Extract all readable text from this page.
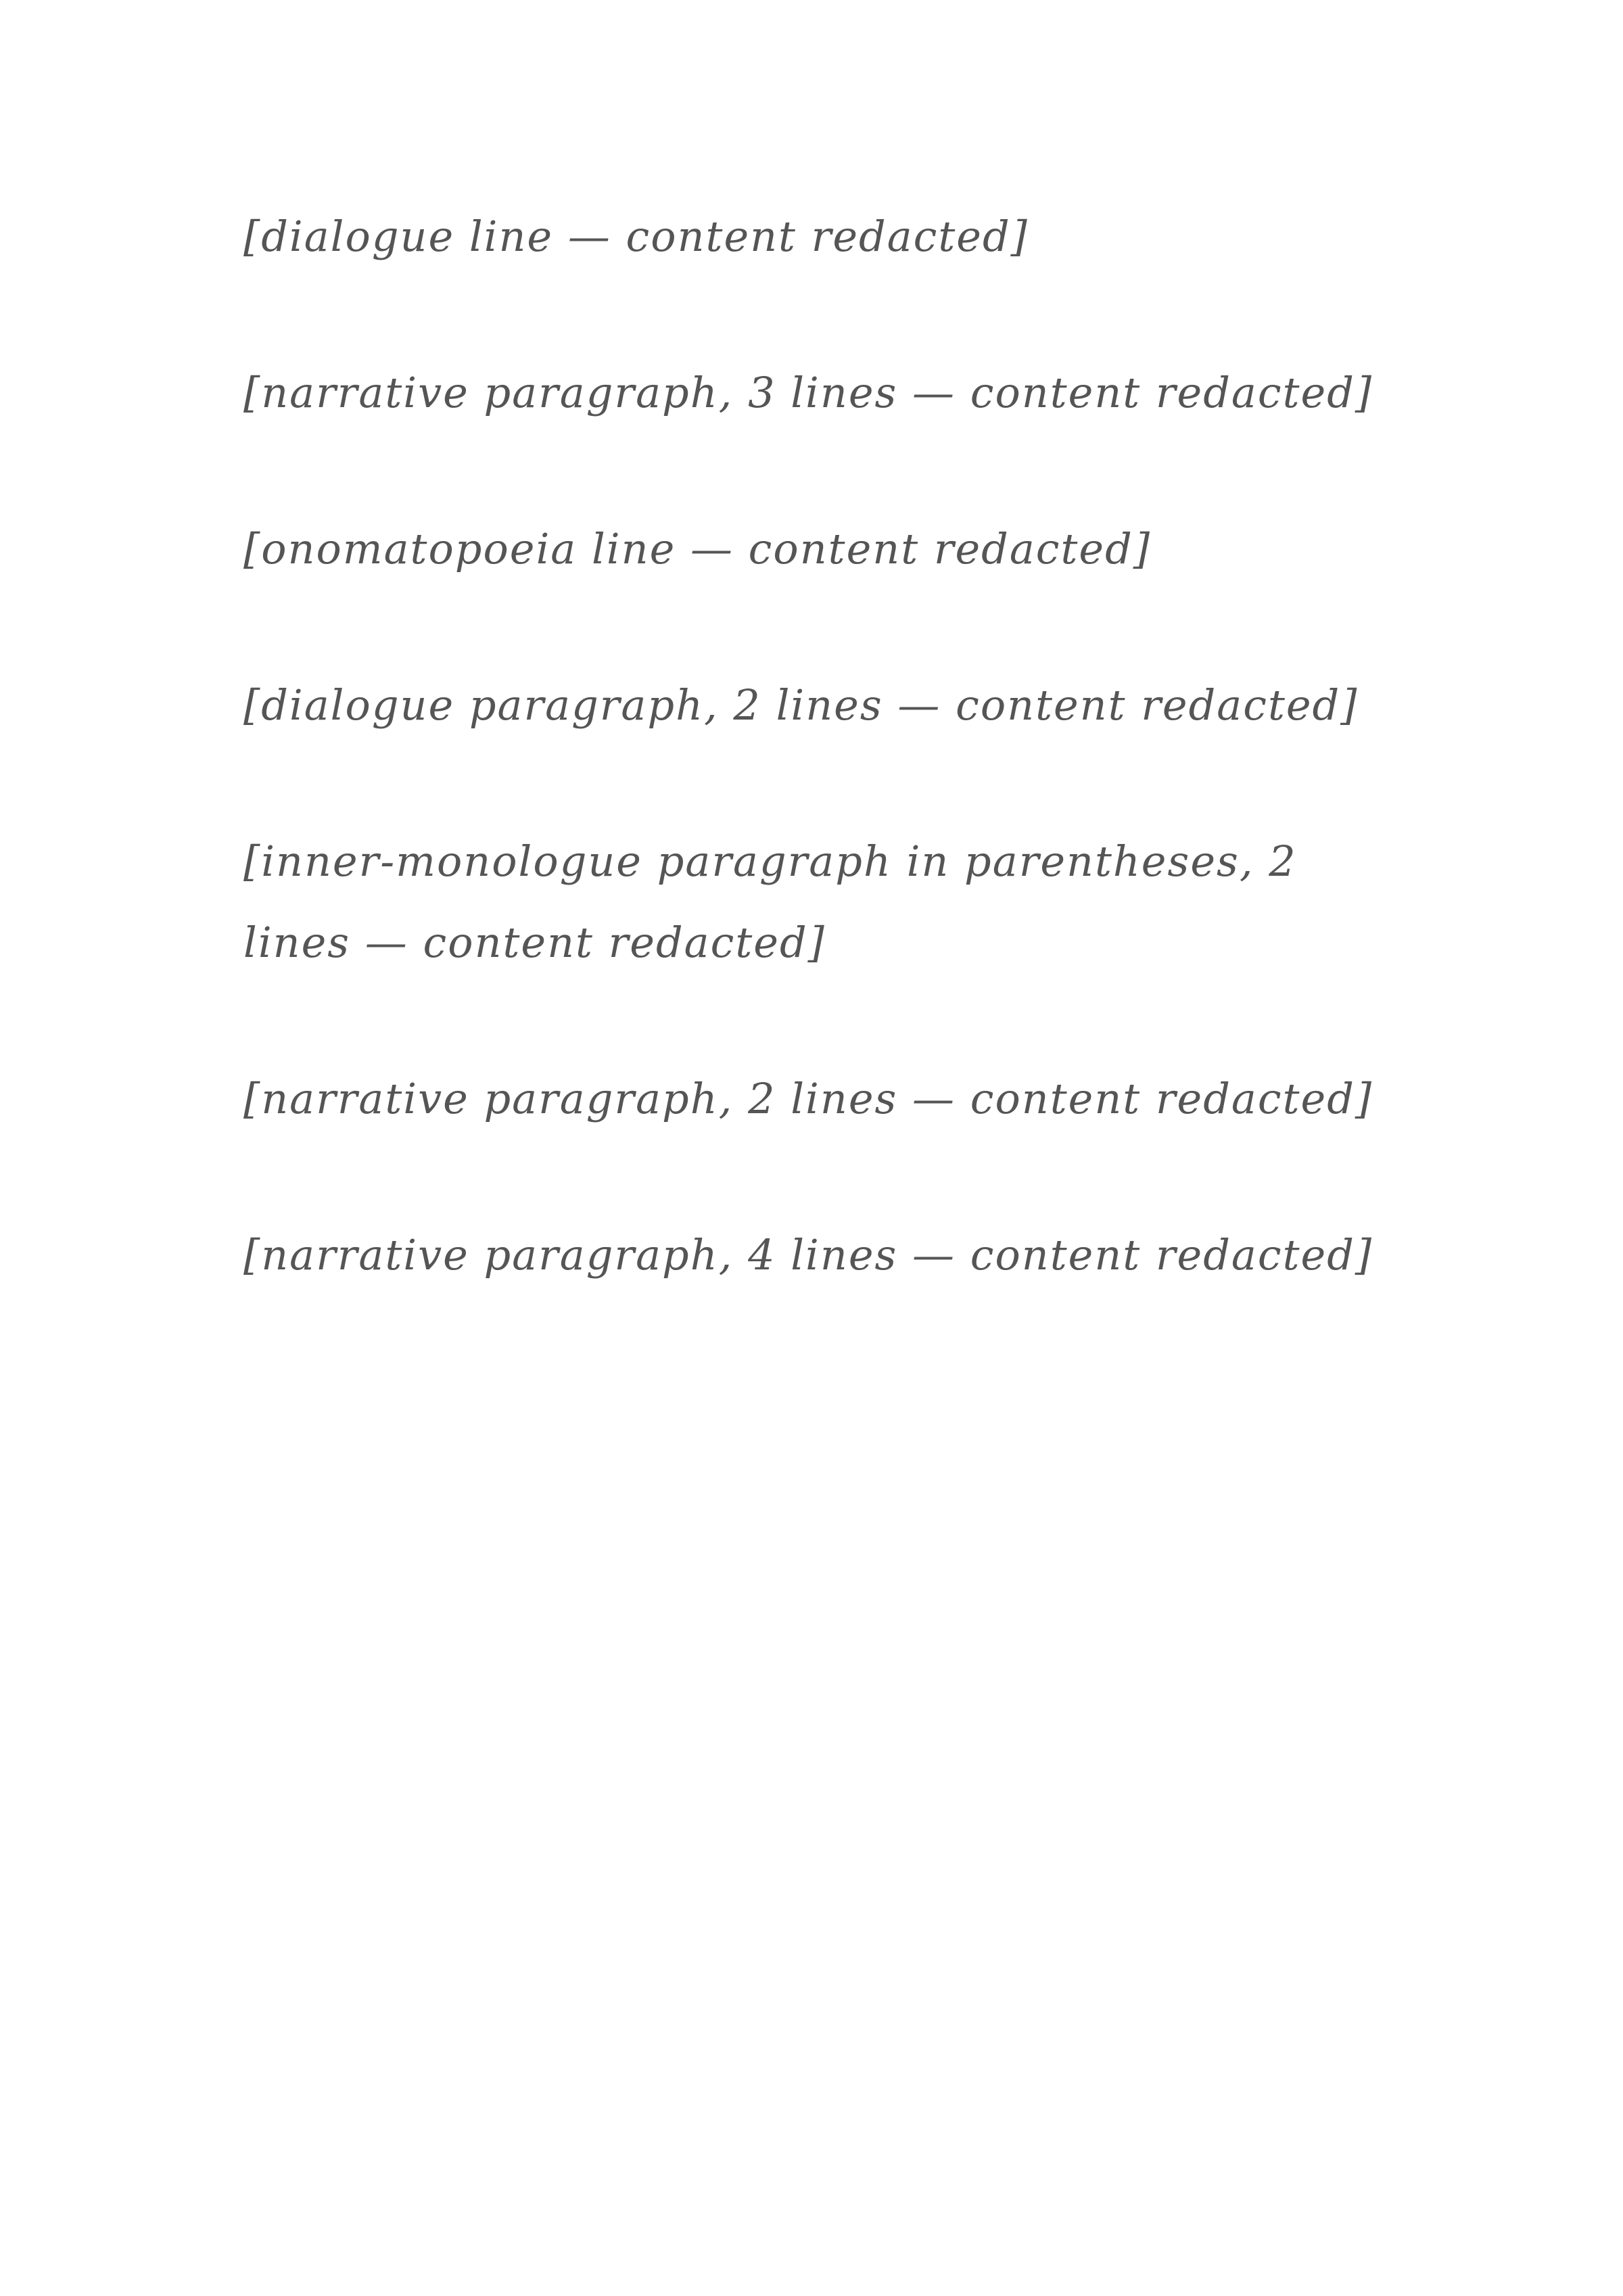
[dialogue line — content redacted]

[narrative paragraph, 3 lines — content redacted]

[onomatopoeia line — content redacted]

[dialogue paragraph, 2 lines — content redacted]

[inner-monologue paragraph in parentheses, 2 lines — content redacted]

[narrative paragraph, 2 lines — content redacted]

[narrative paragraph, 4 lines — content redacted]
